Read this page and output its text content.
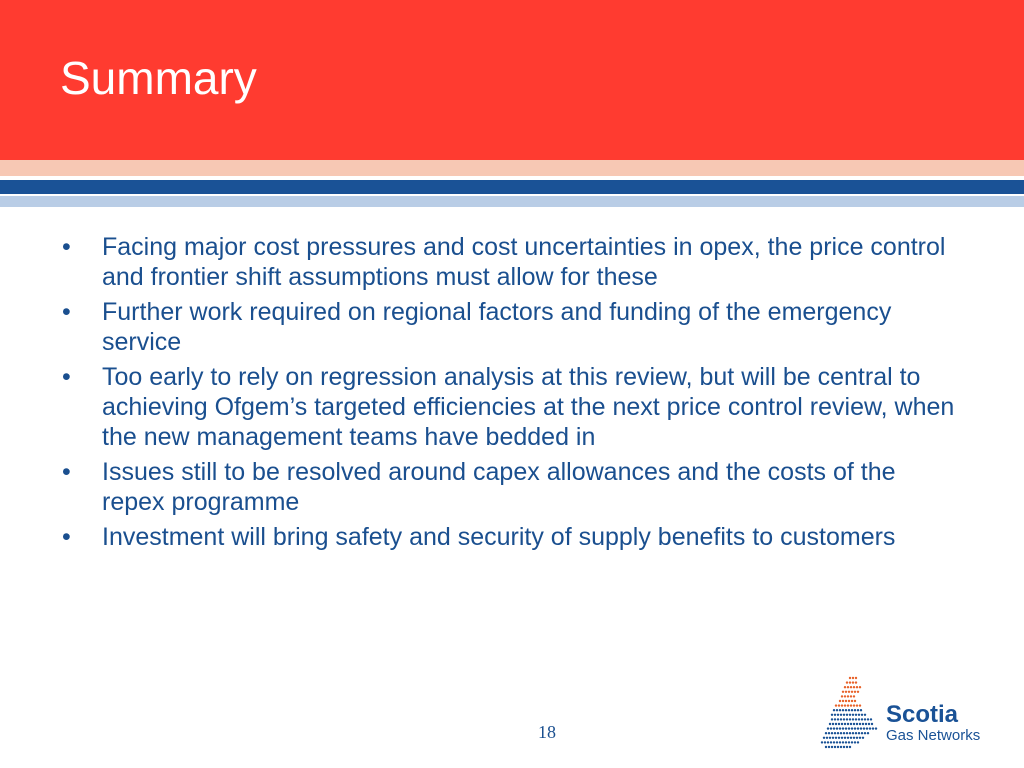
Summary
• Facing major cost pressures and cost uncertainties in opex, the price control and frontier shift assumptions must allow for these
• Further work required on regional factors and funding of the emergency service
• Too early to rely on regression analysis at this review, but will be central to achieving Ofgem’s targeted efficiencies at the next price control review, when the new management teams have bedded in
• Issues still to be resolved around capex allowances and the costs of the repex programme
• Investment will bring safety and security of supply benefits to customers
18
Scotia
Gas Networks
